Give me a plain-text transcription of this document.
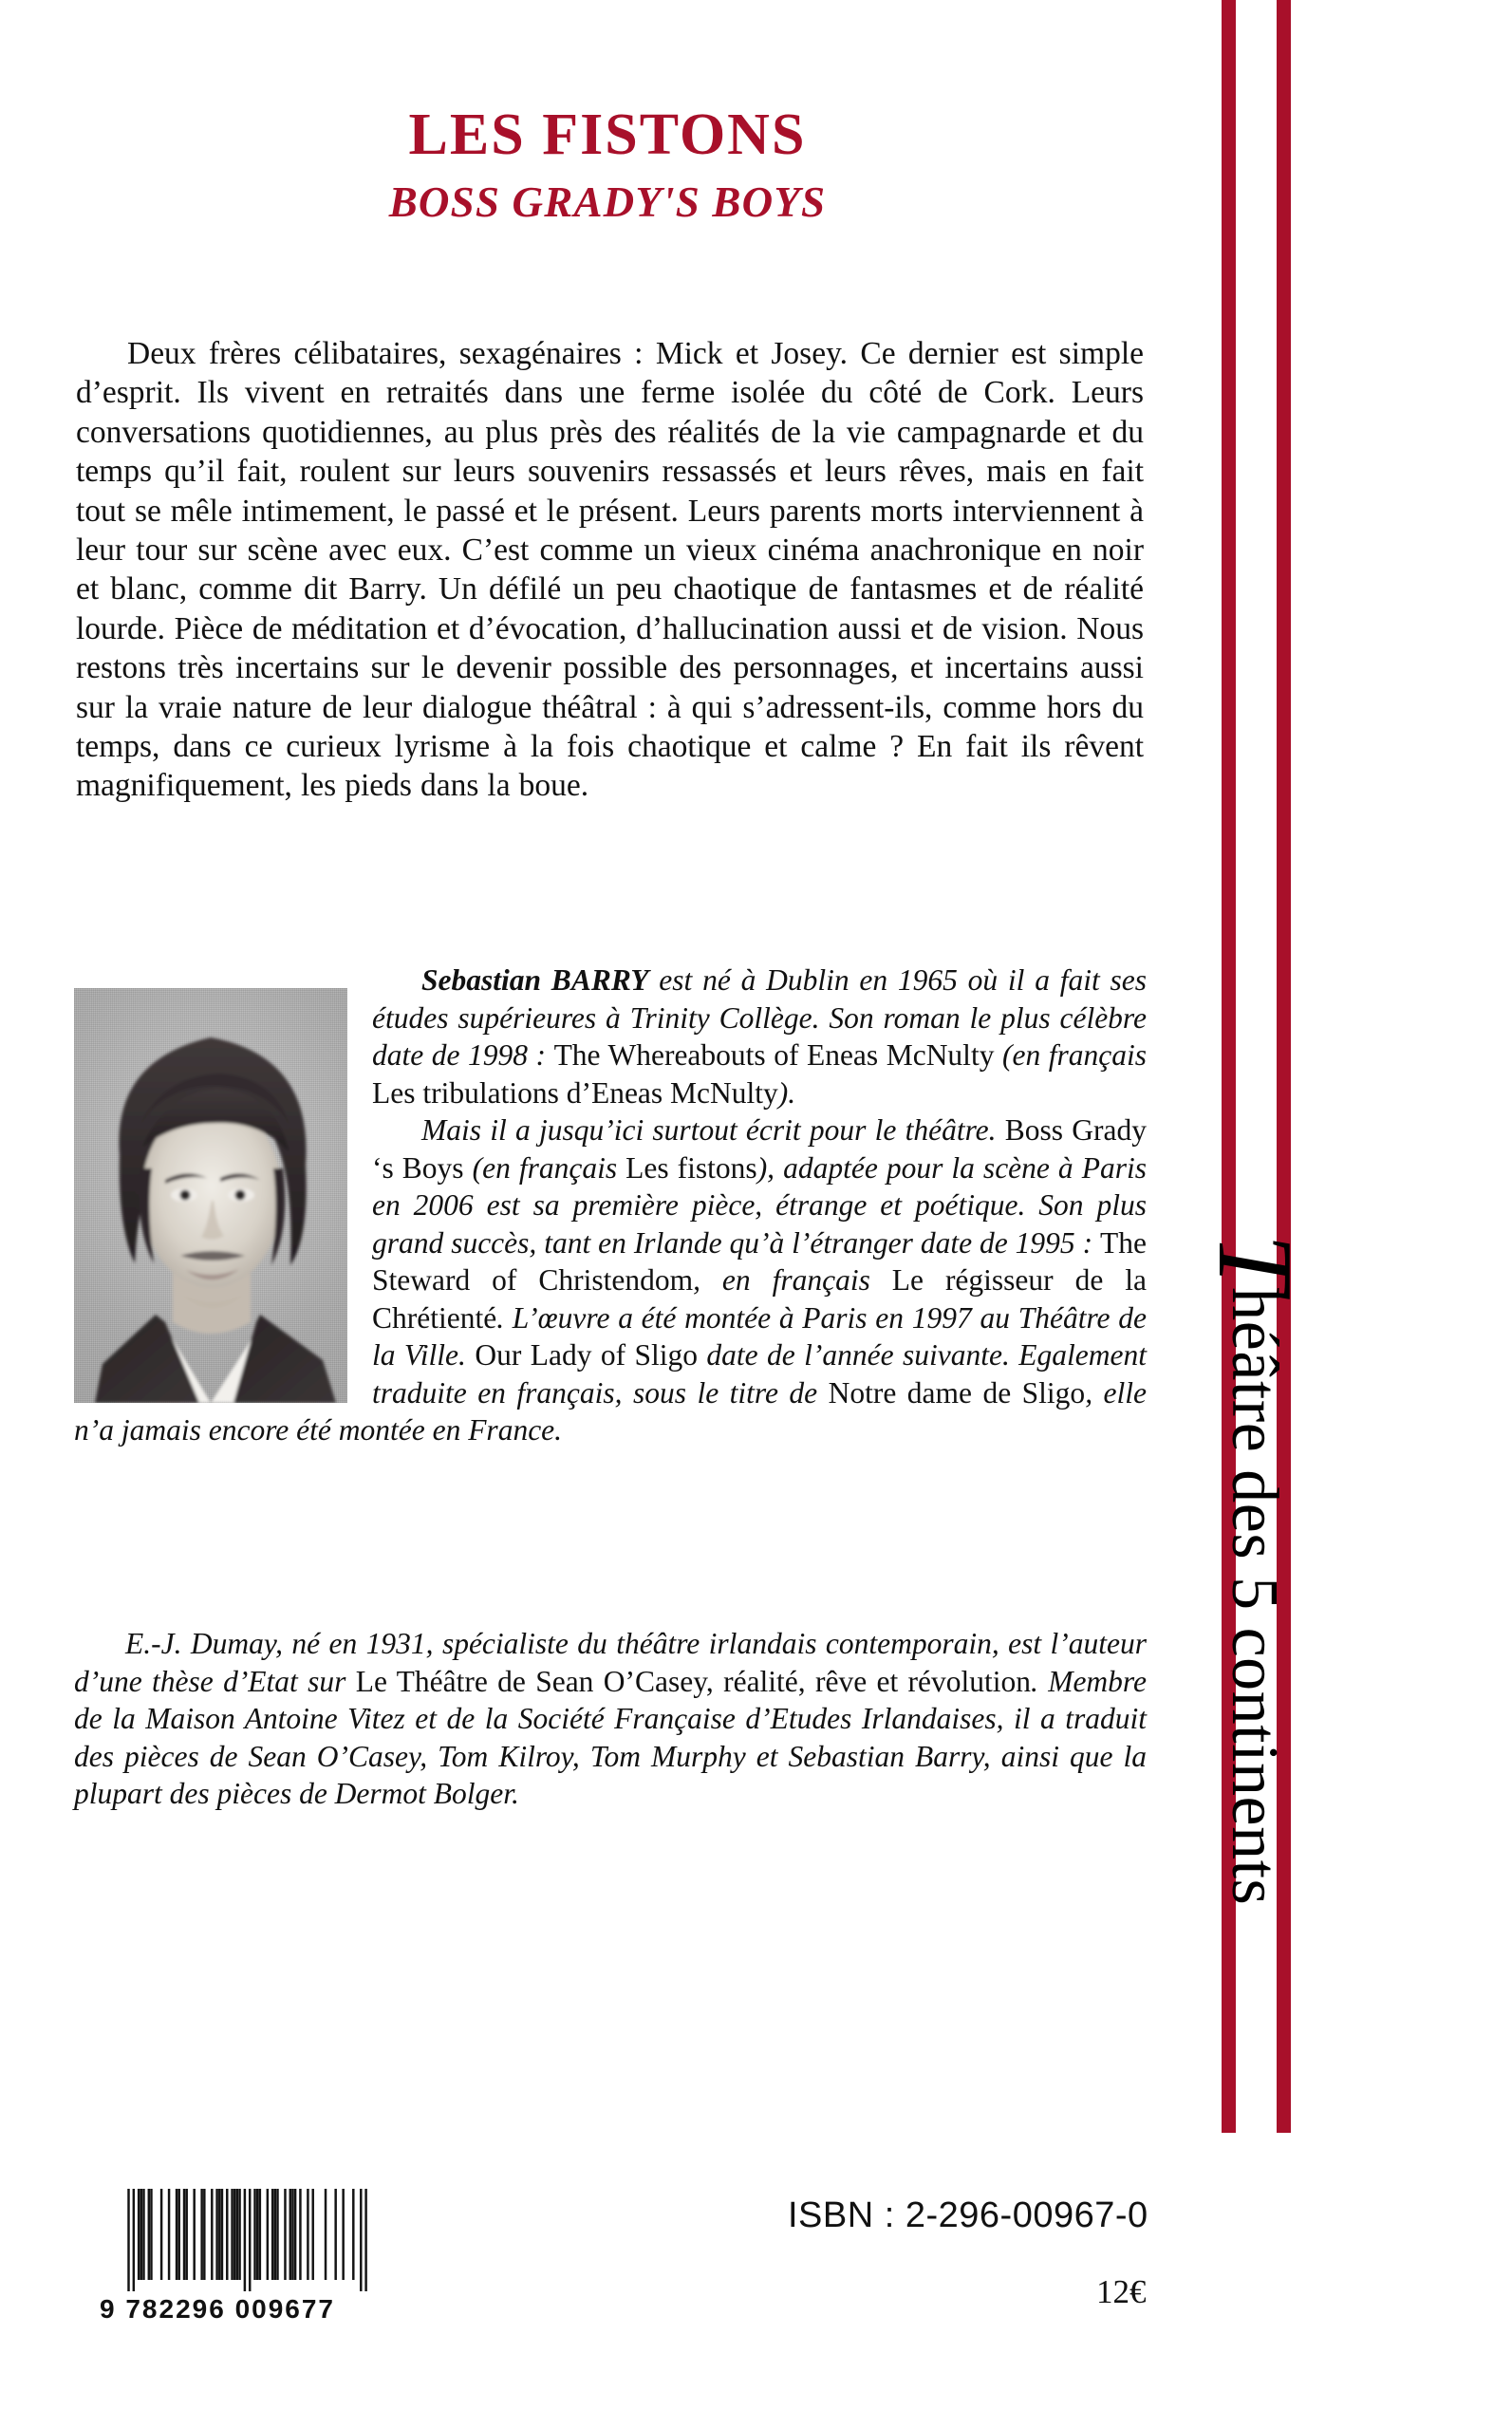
LES FISTONS
BOSS GRADY'S BOYS
Deux frères célibataires, sexagénaires : Mick et Josey. Ce dernier est simple d’esprit. Ils vivent en retraités dans une ferme isolée du côté de Cork. Leurs conversations quotidiennes, au plus près des réalités de la vie campagnarde et du temps qu’il fait, roulent sur leurs souvenirs ressassés et leurs rêves, mais en fait tout se mêle intimement, le passé et le présent. Leurs parents morts interviennent à leur tour sur scène avec eux. C’est comme un vieux cinéma anachronique en noir et blanc, comme dit Barry. Un défilé un peu chaotique de fantasmes et de réalité lourde. Pièce de méditation et d’évocation, d’hallucination aussi et de vision. Nous restons très incertains sur le devenir possible des personnages, et incertains aussi sur la vraie nature de leur dialogue théâtral : à qui s’adressent-ils, comme hors du temps, dans ce curieux lyrisme à la fois chaotique et calme ? En fait ils rêvent magnifiquement, les pieds dans la boue.
Sebastian BARRY est né à Dublin en 1965 où il a fait ses études supérieures à Trinity Collège. Son roman le plus célèbre date de 1998 : The Whereabouts of Eneas McNulty (en français Les tribulations d’Eneas McNulty).
Mais il a jusqu’ici surtout écrit pour le théâtre. Boss Grady ‘s Boys (en français Les fistons), adaptée pour la scène à Paris en 2006 est sa première pièce, étrange et poétique. Son plus grand succès, tant en Irlande qu’à l’étranger date de 1995 : The Steward of Christendom, en français Le régisseur de la Chrétienté. L’œuvre a été montée à Paris en 1997 au Théâtre de la Ville. Our Lady of Sligo date de l’année suivante. Egalement traduite en français, sous le titre de Notre dame de Sligo, elle n’a jamais encore été montée en France.
E.-J. Dumay, né en 1931, spécialiste du théâtre irlandais contemporain, est l’auteur d’une thèse d’Etat sur Le Théâtre de Sean O’Casey, réalité, rêve et révolution. Membre de la Maison Antoine Vitez et de la Société Française d’Etudes Irlandaises, il a traduit des pièces de Sean O’Casey, Tom Kilroy, Tom Murphy et Sebastian Barry, ainsi que la plupart des pièces de Dermot Bolger.
Théâtre des 5 continents
9 782296 009677
ISBN : 2-296-00967-0
12€
